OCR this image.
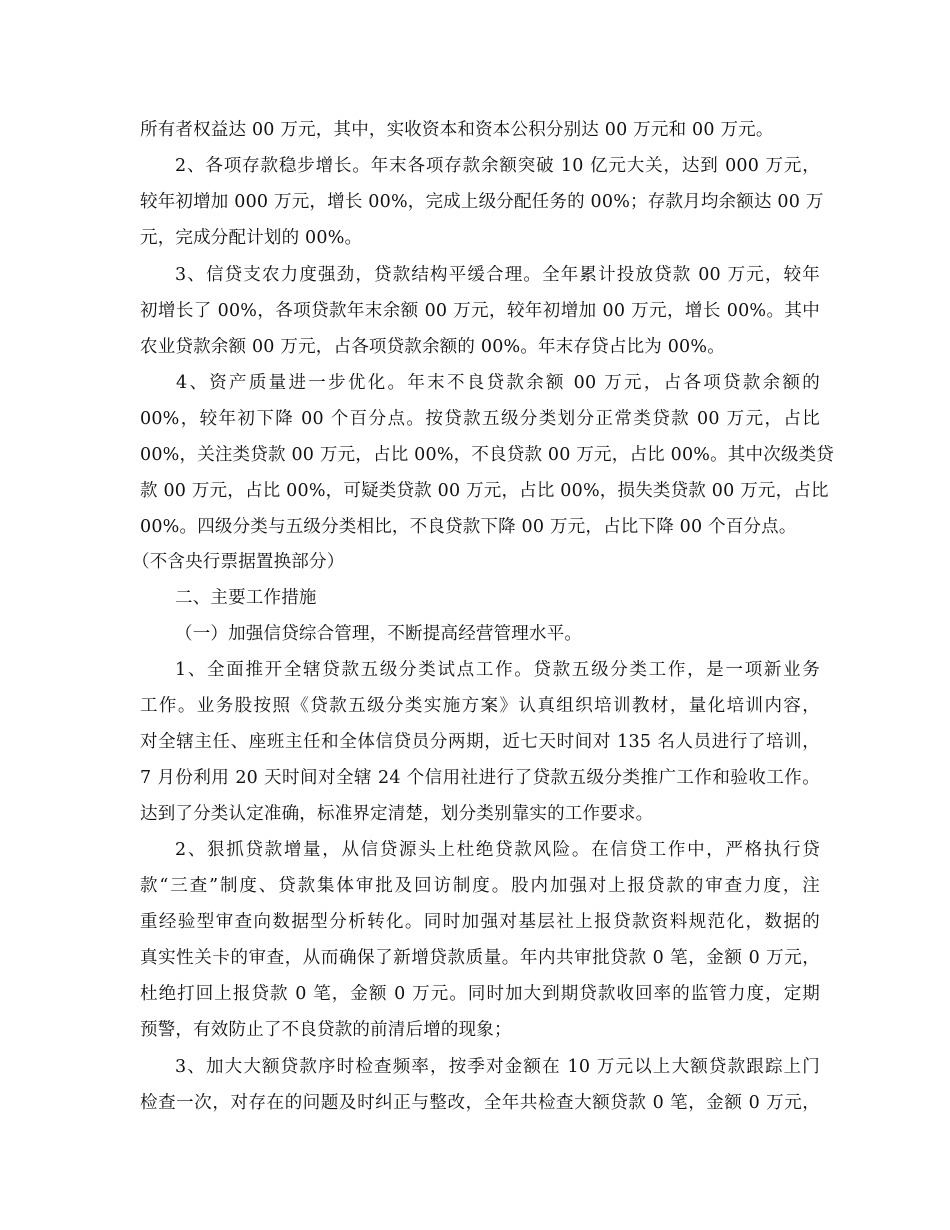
所有者权益达 00 万元，其中，实收资本和资本公积分别达 00 万元和 00 万元。
2、各项存款稳步增长。年末各项存款余额突破 10 亿元大关，达到 000 万元，
较年初增加 000 万元，增长 00%，完成上级分配任务的 00%；存款月均余额达 00 万
元，完成分配计划的 00%。
3、信贷支农力度强劲，贷款结构平缓合理。全年累计投放贷款 00 万元，较年
初增长了 00%，各项贷款年末余额 00 万元，较年初增加 00 万元，增长 00%。其中
农业贷款余额 00 万元，占各项贷款余额的 00%。年末存贷占比为 00%。
4、资产质量进一步优化。年末不良贷款余额 00 万元，占各项贷款余额的
00%，较年初下降 00 个百分点。按贷款五级分类划分正常类贷款 00 万元，占比
00%，关注类贷款 00 万元，占比 00%，不良贷款 00 万元，占比 00%。其中次级类贷
款 00 万元，占比 00%，可疑类贷款 00 万元，占比 00%，损失类贷款 00 万元，占比
00%。四级分类与五级分类相比，不良贷款下降 00 万元，占比下降 00 个百分点。
（不含央行票据置换部分）
二、主要工作措施
（一）加强信贷综合管理，不断提高经营管理水平。
1、全面推开全辖贷款五级分类试点工作。贷款五级分类工作，是一项新业务
工作。业务股按照《贷款五级分类实施方案》认真组织培训教材，量化培训内容，
对全辖主任、座班主任和全体信贷员分两期，近七天时间对 135 名人员进行了培训，
7 月份利用 20 天时间对全辖 24 个信用社进行了贷款五级分类推广工作和验收工作。
达到了分类认定准确，标准界定清楚，划分类别靠实的工作要求。
2、狠抓贷款增量，从信贷源头上杜绝贷款风险。在信贷工作中，严格执行贷
款“三查”制度、贷款集体审批及回访制度。股内加强对上报贷款的审查力度，注
重经验型审查向数据型分析转化。同时加强对基层社上报贷款资料规范化，数据的
真实性关卡的审查，从而确保了新增贷款质量。年内共审批贷款 0 笔，金额 0 万元，
杜绝打回上报贷款 0 笔，金额 0 万元。同时加大到期贷款收回率的监管力度，定期
预警，有效防止了不良贷款的前清后增的现象；
3、加大大额贷款序时检查频率，按季对金额在 10 万元以上大额贷款跟踪上门
检查一次，对存在的问题及时纠正与整改，全年共检查大额贷款 0 笔，金额 0 万元，
